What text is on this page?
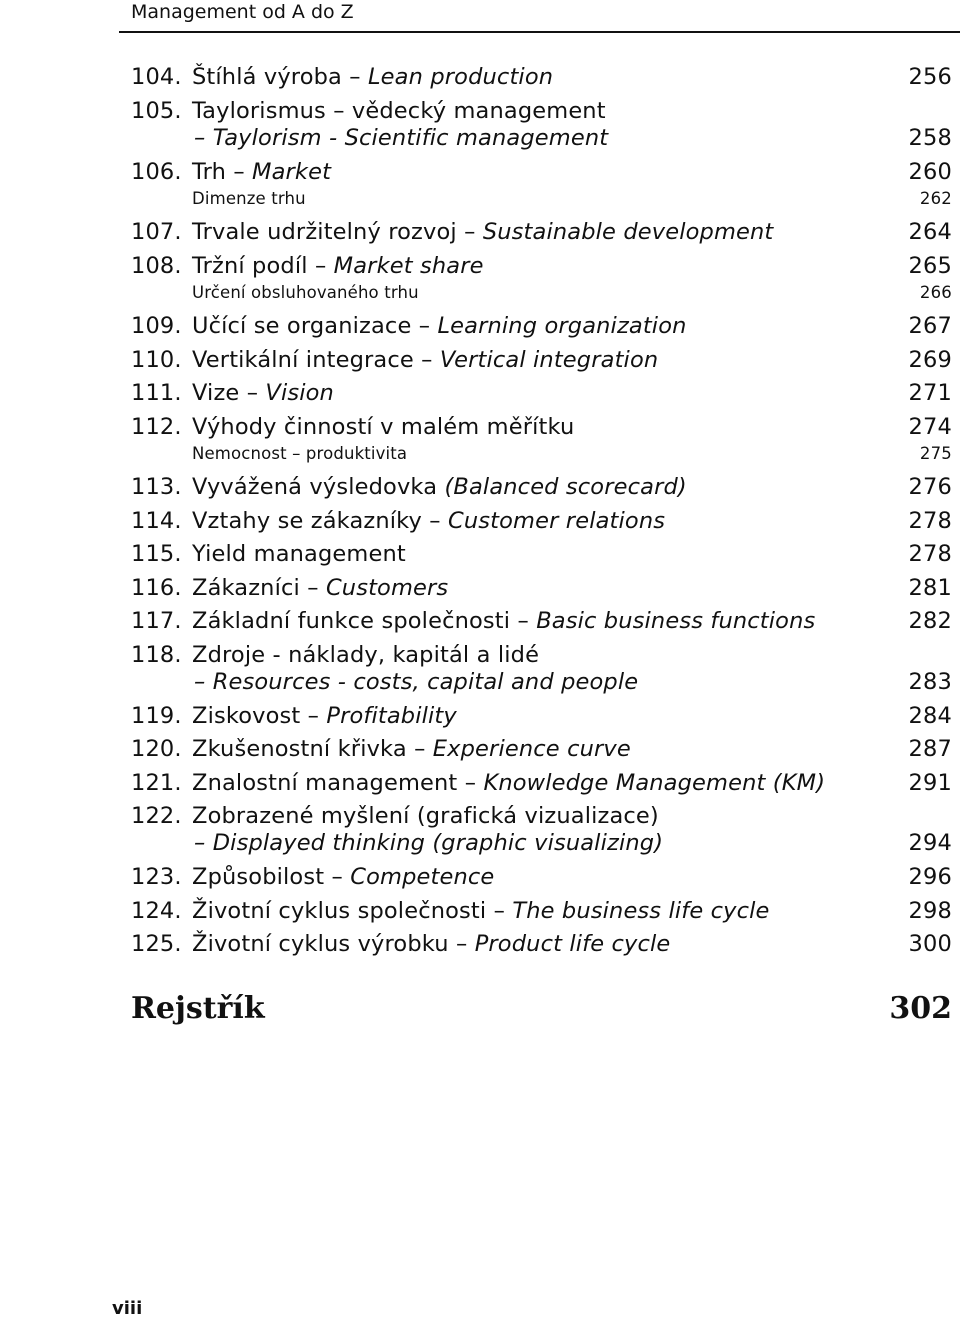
Management od A do Z
104. Štíhlá výroba – Lean production	256
105. Taylorismus – vědecký management
– Taylorism - Scientific management	258
106. Trh – Market	260
Dimenze trhu	262
107. Trvale udržitelný rozvoj – Sustainable development	264
108. Tržní podíl – Market share	265
Určení obsluhovaného trhu	266
109. Učící se organizace – Learning organization	267
110. Vertikální integrace – Vertical integration	269
111. Vize – Vision	271
112. Výhody činností v malém měřítku	274
Nemocnost – produktivita	275
113. Vyvážená výsledovka (Balanced scorecard)	276
114. Vztahy se zákazníky – Customer relations	278
115. Yield management	278
116. Zákazníci – Customers	281
117. Základní funkce společnosti – Basic business functions	282
118. Zdroje - náklady, kapitál a lidé
– Resources - costs, capital and people	283
119. Ziskovost – Profitability	284
120. Zkušenostní křivka – Experience curve	287
121. Znalostní management – Knowledge Management (KM)	291
122. Zobrazené myšlení (grafická vizualizace)
– Displayed thinking (graphic visualizing)	294
123. Způsobilost – Competence	296
124. Životní cyklus společnosti – The business life cycle	298
125. Životní cyklus výrobku – Product life cycle	300
Rejstřík	302
viii
